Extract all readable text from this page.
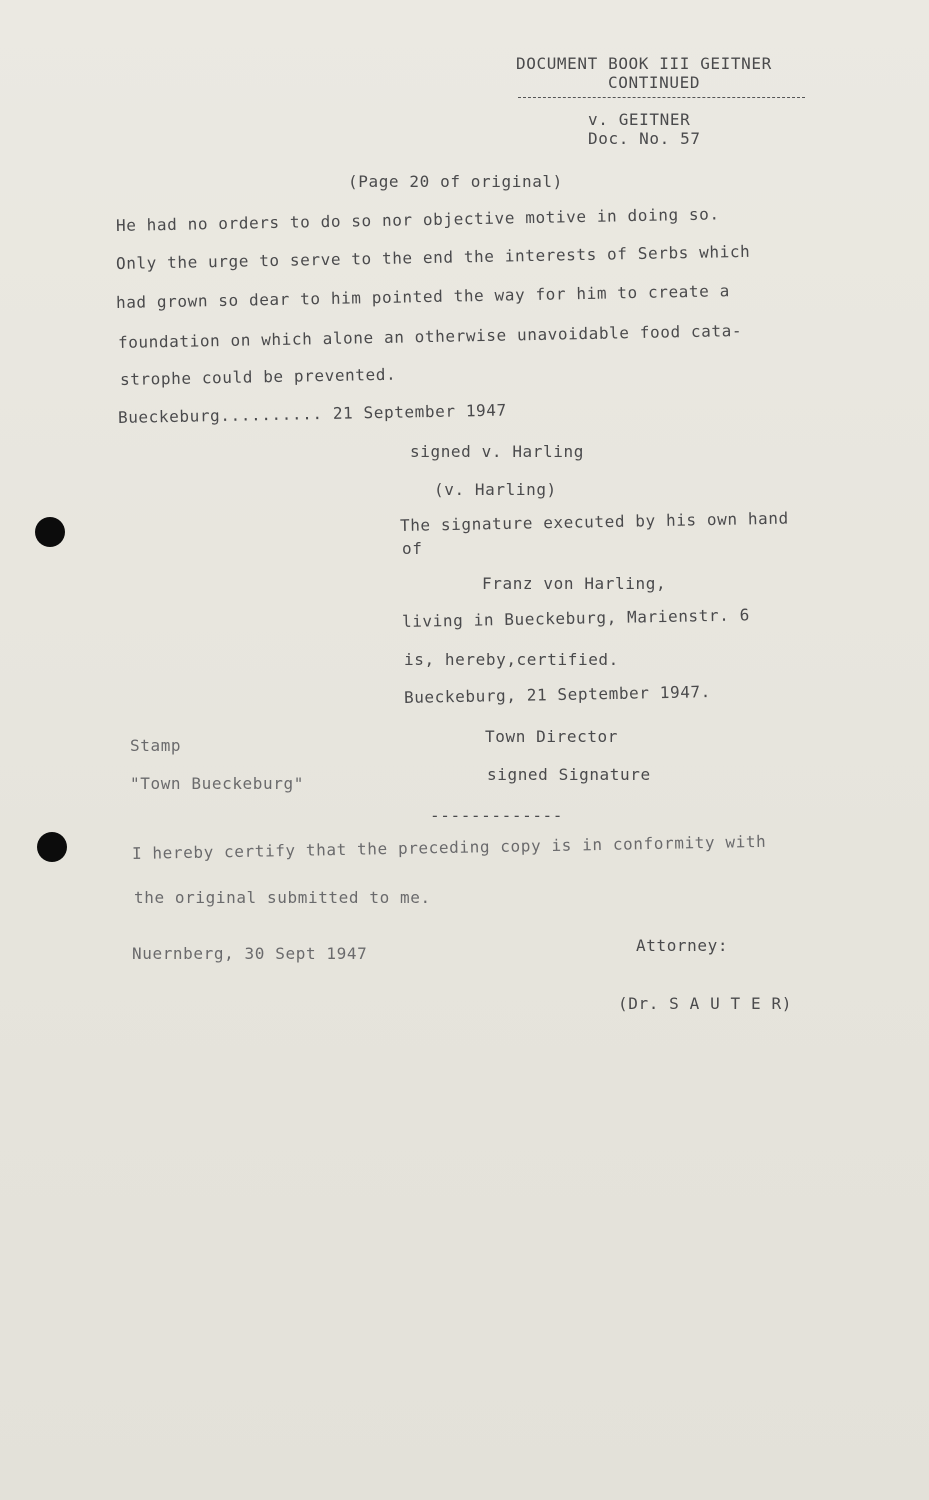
DOCUMENT BOOK III GEITNER
CONTINUED
v. GEITNER
Doc. No. 57
(Page 20 of original)
He had no orders to do so nor objective motive in doing so.
Only the urge to serve to the end the interests of Serbs which
had grown so dear to him pointed the way for him to create a
foundation on which alone an otherwise unavoidable food cata-
strophe could be prevented.
Bueckeburg.......... 21 September 1947
signed v. Harling
(v. Harling)
The signature executed by his own hand
of
Franz von Harling,
living in Bueckeburg, Marienstr. 6
is, hereby,certified.
Bueckeburg, 21 September 1947.
Stamp	Town Director
"Town Bueckeburg"	signed Signature
-------------
I hereby certify that the preceding copy is in conformity with
the original submitted to me.
Nuernberg, 30 Sept 1947	Attorney:
(Dr. S A U T E R)
